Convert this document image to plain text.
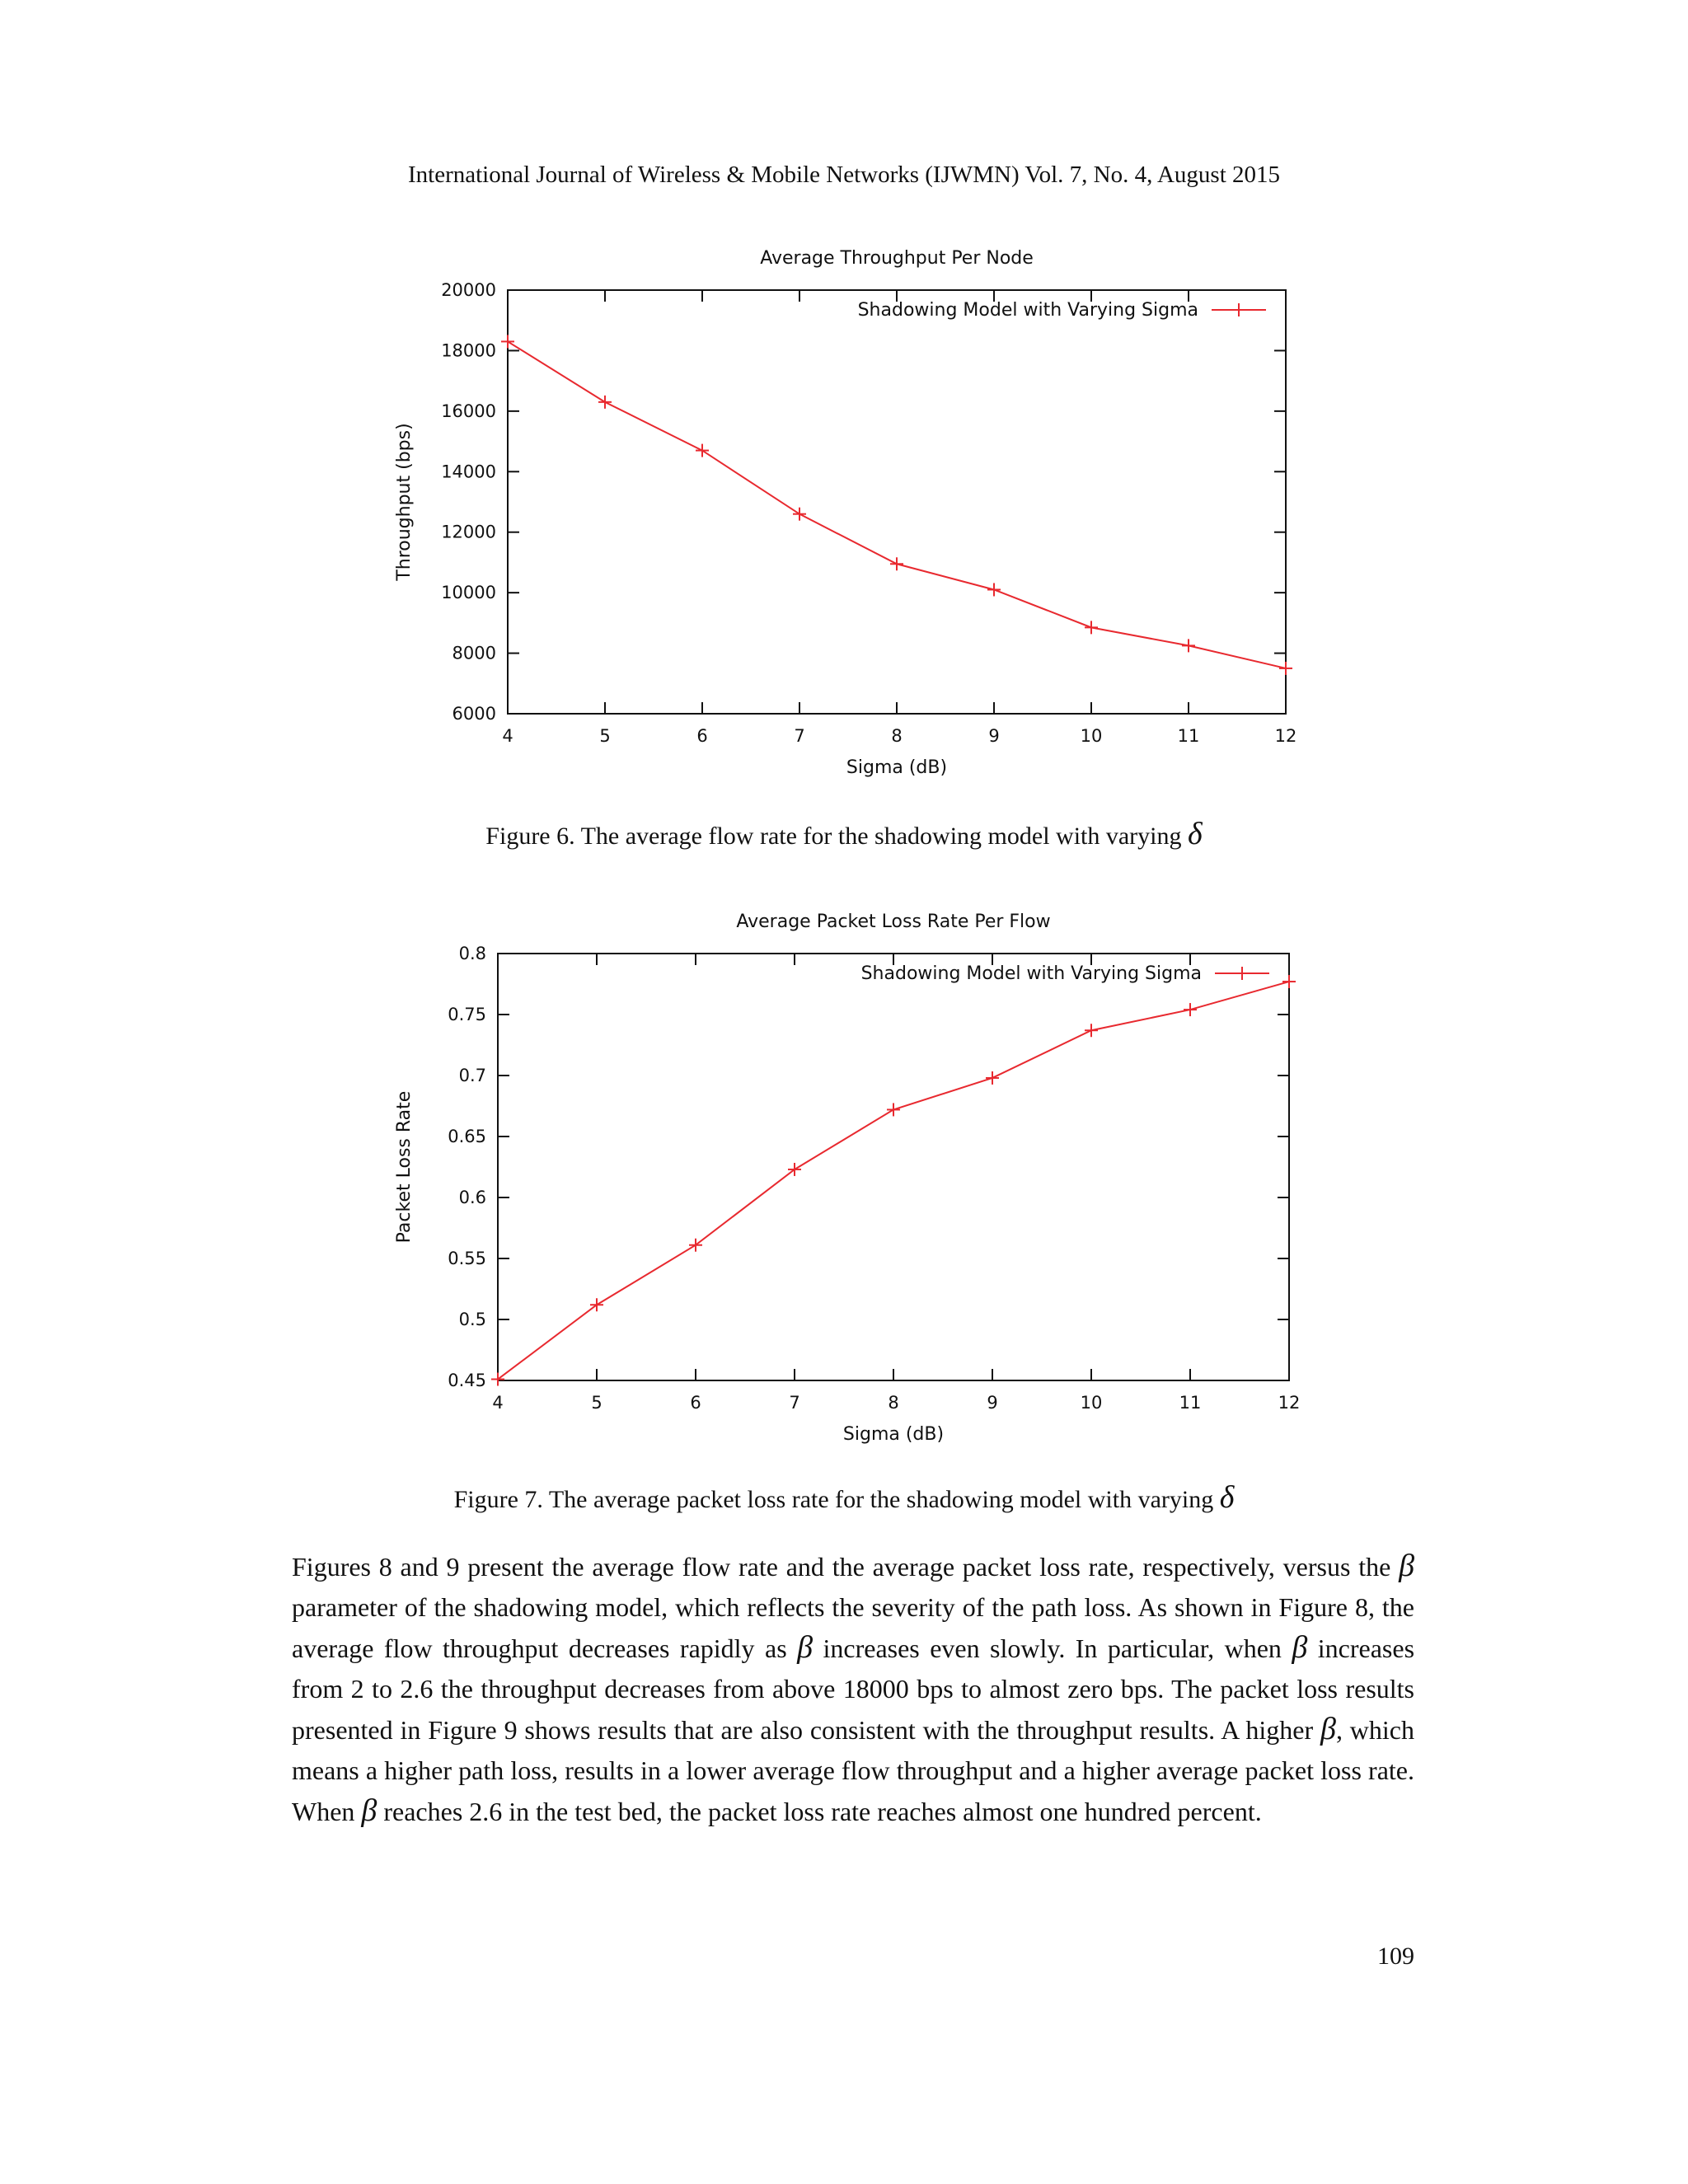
International Journal of Wireless & Mobile Networks (IJWMN) Vol. 7, No. 4, August 2015
Average Throughput Per Node
4	5	6	7	8	9	10	11	12
6000
8000
10000
12000
14000
16000
18000
20000
Sigma (dB)
Throughput (bps)
Shadowing Model with Varying Sigma
Figure 6. The average flow rate for the shadowing model with varying δ
Average Packet Loss Rate Per Flow
4	5	6	7	8	9	10	11	12
0.45
0.5
0.55
0.6
0.65
0.7
0.75
0.8
Sigma (dB)
Packet Loss Rate
Shadowing Model with Varying Sigma
Figure 7. The average packet loss rate for the shadowing model with varying δ

Figures 8 and 9 present the average flow rate and the average packet loss rate, respectively, versus the β parameter of the shadowing model, which reflects the severity of the path loss. As shown in Figure 8, the average flow throughput decreases rapidly as β increases even slowly. In particular, when β increases from 2 to 2.6 the throughput decreases from above 18000 bps to almost zero bps. The packet loss results presented in Figure 9 shows results that are also consistent with the throughput results. A higher β, which means a higher path loss, results in a lower average flow throughput and a higher average packet loss rate. When β reaches 2.6 in the test bed, the packet loss rate reaches almost one hundred percent.

109
